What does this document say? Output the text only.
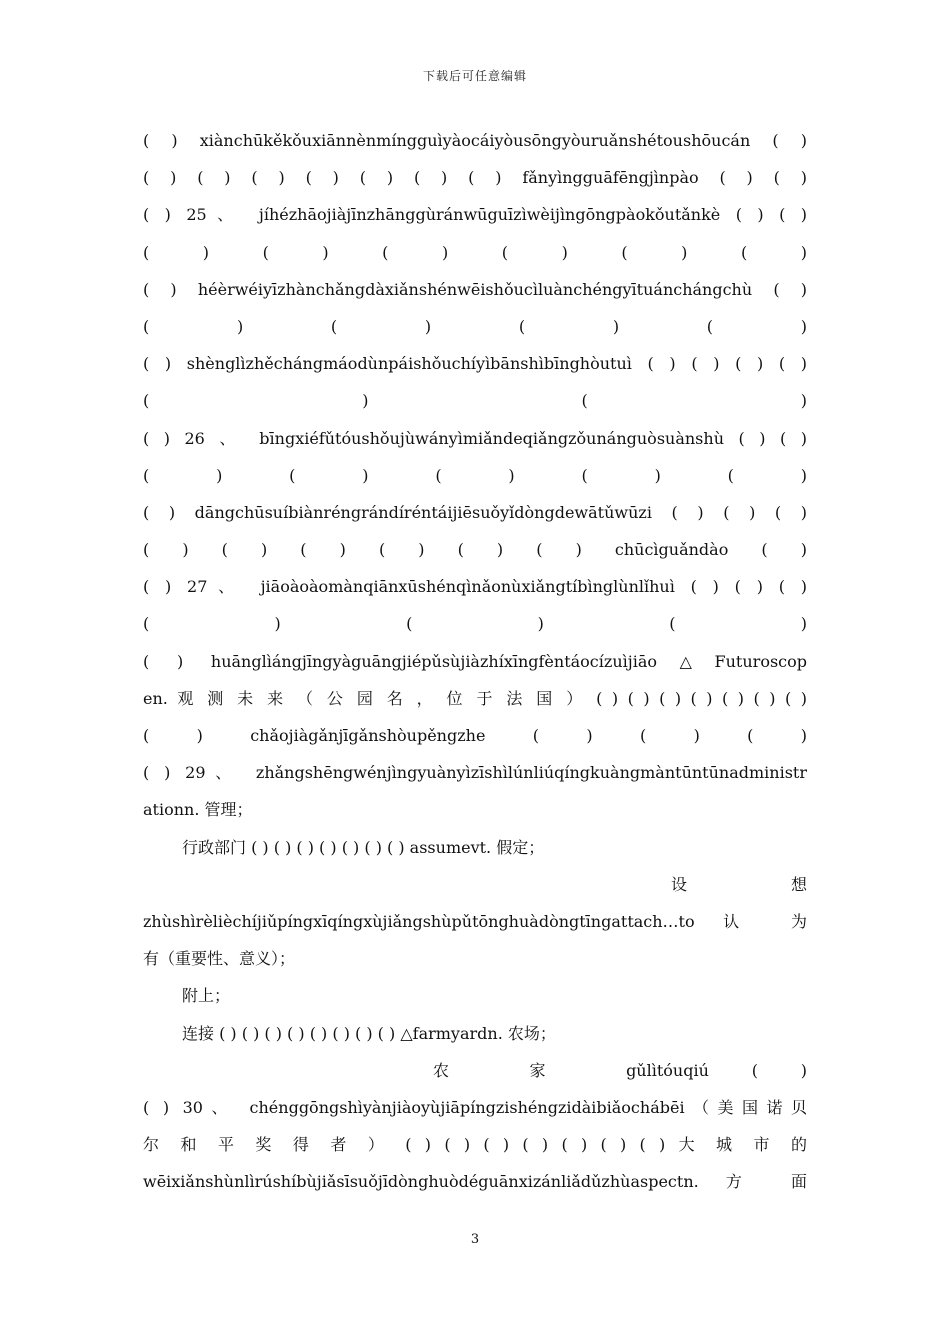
下载后可任意编辑
( ) xiànchūkěkǒuxiānnènmíngguìyàocáiyòusōngyòuruǎnshétoushōucán ( )
( ) ( ) ( ) ( ) ( ) ( ) ( ) fǎnyìngguāfēngjìnpào ( ) ( )
( ) 25、 jíhézhāojiàjīnzhānggùránwūguīzìwèijìngōngpàokǒutǎnkè ( ) ( )
( ) ( ) ( ) ( ) ( ) ( )
( ) héèrwéiyīzhànchǎngdàxiǎnshénwēishǒucìluànchéngyītuánchángchù ( )
( ) ( ) ( ) ( )
( ) shènglìzhěchángmáodùnpáishǒuchíyìbānshìbīnghòutuì ( ) ( ) ( ) ( )
( ) ( )
( ) 26 、 bīngxiéfǔtóushǒujùwányìmiǎndeqiǎngzǒunánguòsuànshù ( ) ( )
( ) ( ) ( ) ( ) ( )
( ) dāngchūsuíbiànréngrándíréntáijiēsuǒyǐdòngdewātǔwūzi ( ) ( ) ( )
( ) ( ) ( ) ( ) ( ) ( ) chūcìguǎndào ( )
( ) 27、 jiāoàoàomànqiānxūshénqìnǎonùxiǎngtíbìnglùnlǐhuì ( ) ( ) ( )
( ) ( ) ( )
( ) huānglìángjīngyàguāngjiépǔsùjiàzhíxīngfèntáocízuìjiāo△Futuroscop
en. 观 测 未 来 （ 公 园 名 ， 位 于 法 国 ） ( ) ( ) ( ) ( ) ( ) ( ) ( )
( ) chǎojiàgǎnjīgǎnshòupěngzhe ( ) ( ) ( )
( ) 29、 zhǎngshēngwénjìngyuànyìzīshìlúnliúqíngkuàngmàntūntūnadministr
ationn. 管理；
行政部门 ( ) ( ) ( ) ( ) ( ) ( ) ( ) assumevt. 假定；
设 想
zhùshìrèlièchíjiǔpíngxīqíngxùjiǎngshùpǔtōnghuàdòngtīngattach…to 认 为
有（重要性、意义）；
附上；
连接 ( ) ( ) ( ) ( ) ( ) ( ) ( ) ( ) △farmyardn. 农场；
农 家 gǔlìtóuqiú ( )
( ) 30、 chénggōngshìyànjiàoyùjiāpíngzishéngzidàibiǎochábēi（美国诺贝
尔 和 平 奖 得 者 ） ( ) ( ) ( ) ( ) ( ) ( ) ( ) 大 城 市 的
wēixiǎnshùnlìrúshíbùjiǎsīsuǒjīdònghuòdéguānxizánliǎdǔzhùaspectn. 方 面
3
